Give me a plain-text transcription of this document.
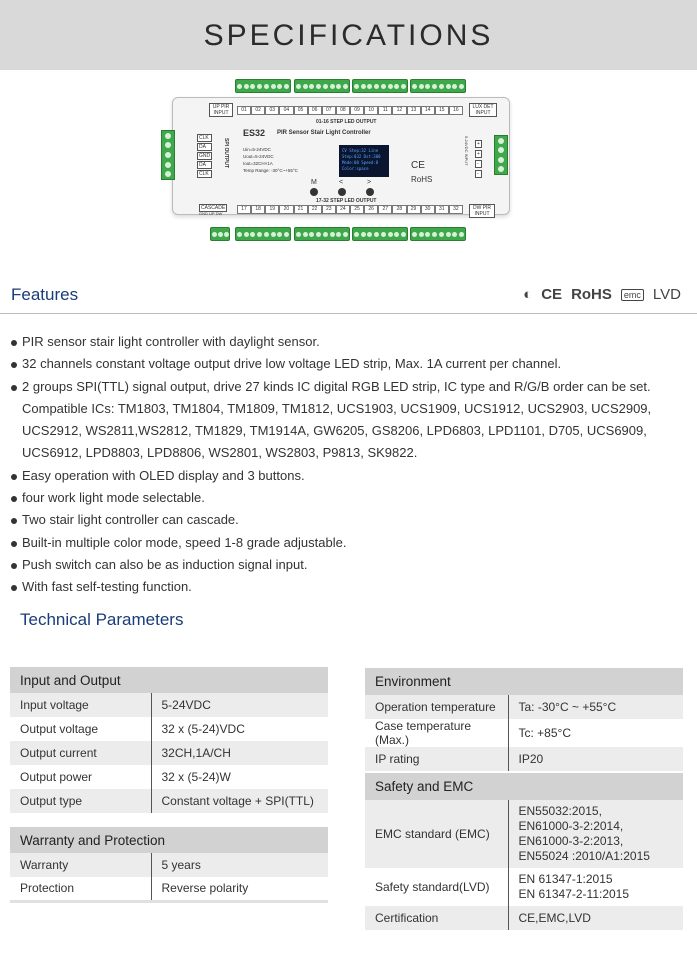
SPECIFICATIONS
UP PIR INPUT	01	02	03	04	05	06	07	08	09	10	11	12	13	14	15	16	LUX DET INPUT
01-16 STEP LED OUTPUT
ES32 PIR Sensor Stair Light Controller
Uin=5-24VDC
Uout=5-24VDC
Iout=32CH×1A
Temp Range: -30°C~+55°C
CLK
DA
GND
DA
CLK
SPI OUTPUT	CV Step:32 Line
Step:032 Dst:300
Mode:00 Speed:8
Color:space
M	<	>
CE
RoHS
+
+
-
-
5-24VDC INPUT
17-32 STEP LED OUTPUT
CASCADE
GND UP DW
17	18	19	20	21	22	23	24	25	26	27	28	29	30	31	32	DW PIR INPUT
Features	◐ CE RoHS	emc LVD
PIR sensor stair light controller with daylight sensor.
32 channels constant voltage output drive low voltage LED strip, Max. 1A current per channel.
2 groups SPI(TTL) signal output, drive 27 kinds IC digital RGB LED strip, IC type and R/G/B order can be set. Compatible ICs: TM1803, TM1804, TM1809, TM1812, UCS1903, UCS1909, UCS1912, UCS2903, UCS2909, UCS2912, WS2811,WS2812, TM1829, TM1914A, GW6205, GS8206, LPD6803, LPD1101, D705, UCS6909, UCS6912, LPD8803, LPD8806, WS2801, WS2803, P9813, SK9822.
Easy operation with OLED display and 3 buttons.
four work light mode selectable.
Two stair light controller can cascade.
Built-in multiple color mode, speed 1-8 grade adjustable.
Push switch can also be as induction signal input.
With fast self-testing function.
Technical Parameters
Input and Output	
Input voltage	5-24VDC
Output voltage	32 x (5-24)VDC
Output current	32CH,1A/CH
Output power	32 x (5-24)W
Output type	Constant voltage + SPI(TTL)
Warranty and Protection	
Warranty	5 years
Protection	Reverse polarity
Environment	
Operation temperature	Ta: -30°C ~ +55°C
Case temperature (Max.)	Tc: +85°C
IP rating	IP20
Safety and EMC	
EMC standard (EMC)	EN55032:2015,
EN61000-3-2:2014,
EN61000-3-2:2013,
EN55024 :2010/A1:2015
Safety standard(LVD)	EN 61347-1:2015
EN 61347-2-11:2015
Certification	CE,EMC,LVD
